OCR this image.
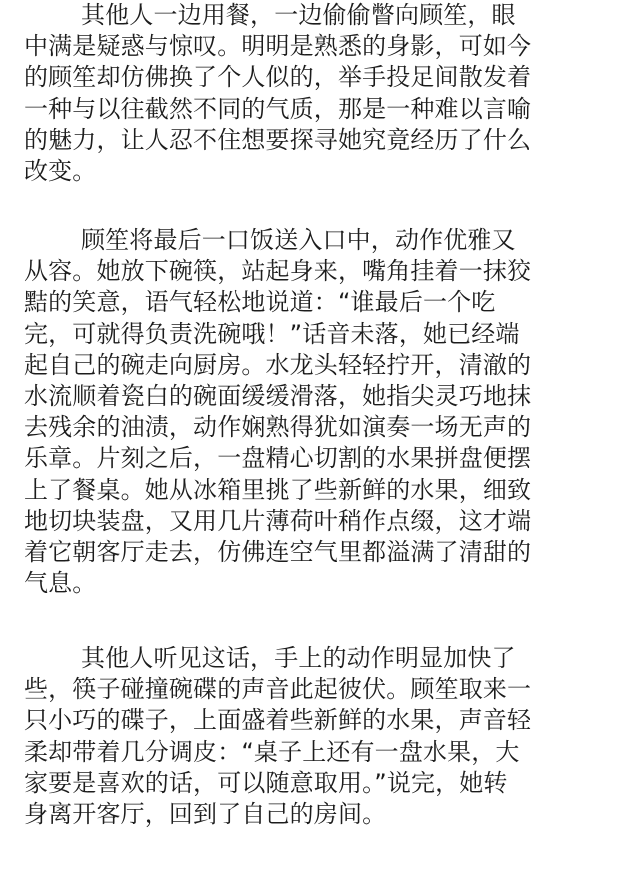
其他人一边用餐，一边偷偷瞥向顾笙，眼
中满是疑惑与惊叹。明明是熟悉的身影，可如今
的顾笙却仿佛换了个人似的，举手投足间散发着
一种与以往截然不同的气质，那是一种难以言喻
的魅力，让人忍不住想要探寻她究竟经历了什么
改变。
顾笙将最后一口饭送入口中，动作优雅又
从容。她放下碗筷，站起身来，嘴角挂着一抹狡
黠的笑意，语气轻松地说道：“谁最后一个吃
完，可就得负责洗碗哦！”话音未落，她已经端
起自己的碗走向厨房。水龙头轻轻拧开，清澈的
水流顺着瓷白的碗面缓缓滑落，她指尖灵巧地抹
去残余的油渍，动作娴熟得犹如演奏一场无声的
乐章。片刻之后，一盘精心切割的水果拼盘便摆
上了餐桌。她从冰箱里挑了些新鲜的水果，细致
地切块装盘，又用几片薄荷叶稍作点缀，这才端
着它朝客厅走去，仿佛连空气里都溢满了清甜的
气息。
其他人听见这话，手上的动作明显加快了
些，筷子碰撞碗碟的声音此起彼伏。顾笙取来一
只小巧的碟子，上面盛着些新鲜的水果，声音轻
柔却带着几分调皮：“桌子上还有一盘水果，大
家要是喜欢的话，可以随意取用。”说完，她转
身离开客厅，回到了自己的房间。
